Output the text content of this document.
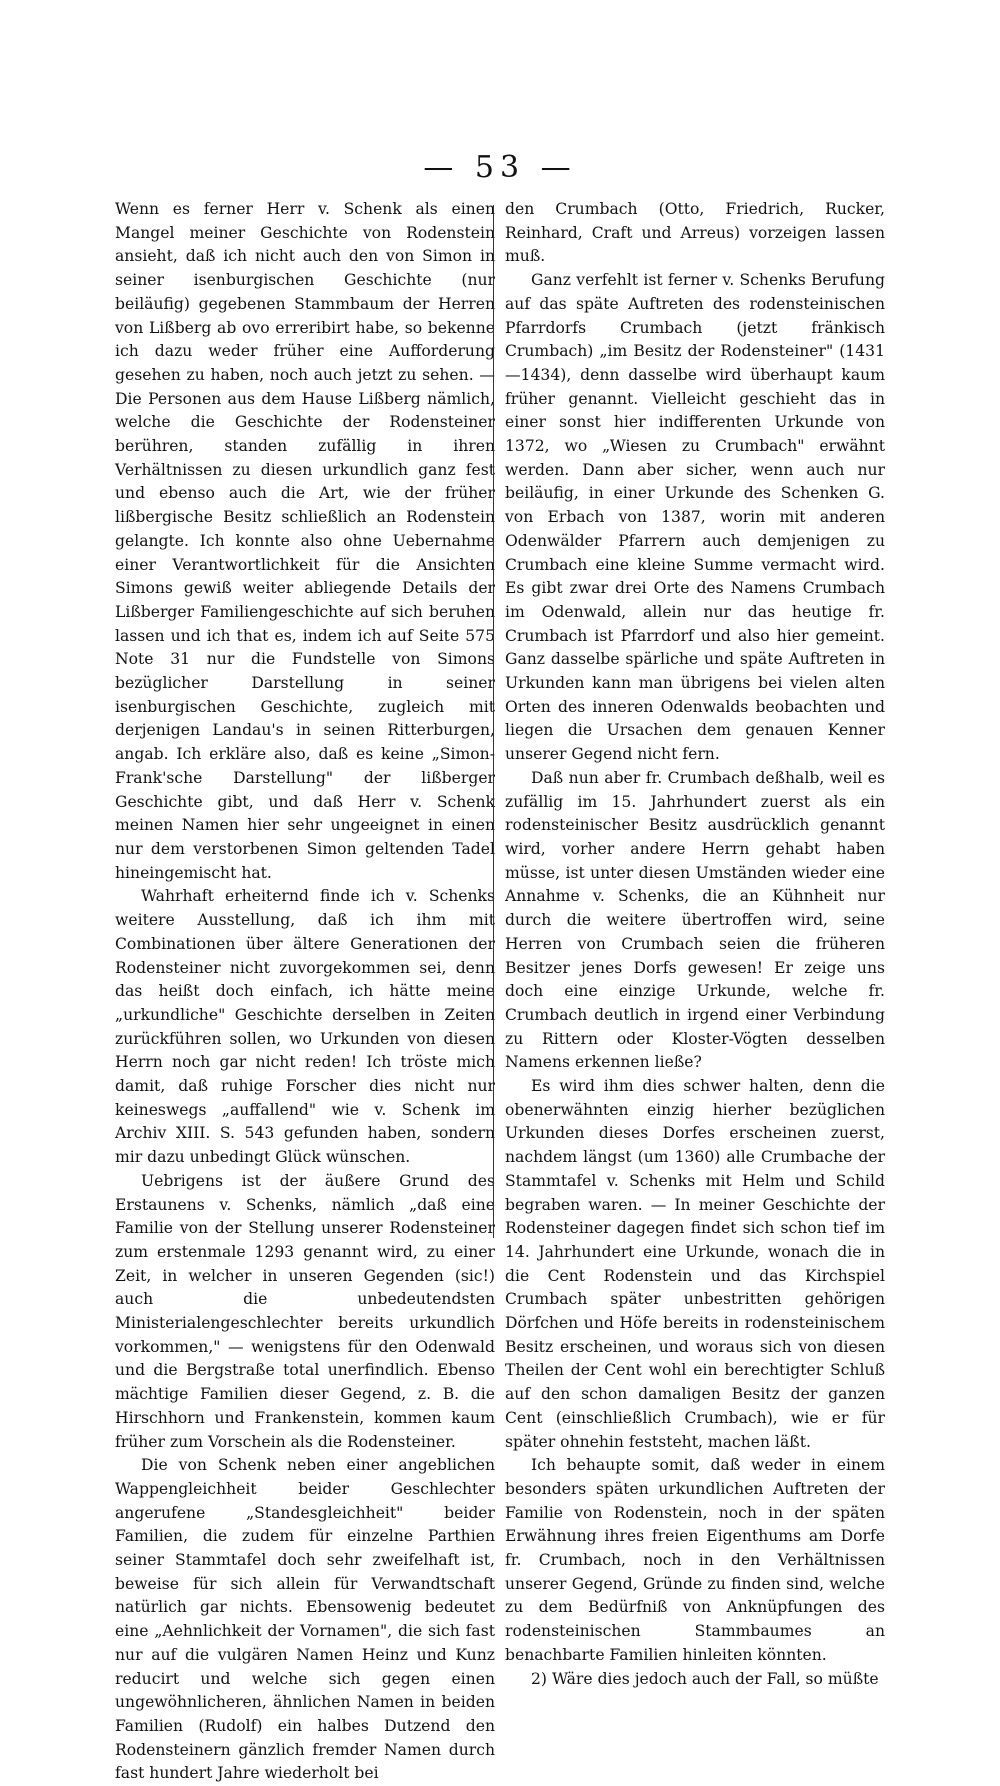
— 53 —

Wenn es ferner Herr v. Schenk als einen Mangel meiner Geschichte von Rodenstein ansieht, daß ich nicht auch den von Simon in seiner isenburgischen Geschichte (nur beiläufig) gegebenen Stammbaum der Herren von Lißberg ab ovo erreribirt habe, so bekenne ich dazu weder früher eine Aufforderung gesehen zu haben, noch auch jetzt zu sehen. — Die Personen aus dem Hause Lißberg nämlich, welche die Geschichte der Rodensteiner berühren, standen zufällig in ihren Verhältnissen zu diesen urkundlich ganz fest und ebenso auch die Art, wie der früher lißbergische Besitz schließlich an Rodenstein gelangte. Ich konnte also ohne Uebernahme einer Verantwortlichkeit für die Ansichten Simons gewiß weiter abliegende Details der Lißberger Familiengeschichte auf sich beruhen lassen und ich that es, indem ich auf Seite 575 Note 31 nur die Fundstelle von Simons bezüglicher Darstellung in seiner isenburgischen Geschichte, zugleich mit derjenigen Landau's in seinen Ritterburgen, angab. Ich erkläre also, daß es keine „Simon-Frank'sche Darstellung" der lißberger Geschichte gibt, und daß Herr v. Schenk meinen Namen hier sehr ungeeignet in einen nur dem verstorbenen Simon geltenden Tadel hineingemischt hat.

Wahrhaft erheiternd finde ich v. Schenks weitere Ausstellung, daß ich ihm mit Combinationen über ältere Generationen der Rodensteiner nicht zuvorgekommen sei, denn das heißt doch einfach, ich hätte meine „urkundliche" Geschichte derselben in Zeiten zurückführen sollen, wo Urkunden von diesen Herrn noch gar nicht reden! Ich tröste mich damit, daß ruhige Forscher dies nicht nur keineswegs „auffallend" wie v. Schenk im Archiv XIII. S. 543 gefunden haben, sondern mir dazu unbedingt Glück wünschen.

Uebrigens ist der äußere Grund des Erstaunens v. Schenks, nämlich „daß eine Familie von der Stellung unserer Rodensteiner zum erstenmale 1293 genannt wird, zu einer Zeit, in welcher in unseren Gegenden (sic!) auch die unbedeutendsten Ministerialengeschlechter bereits urkundlich vorkommen," — wenigstens für den Odenwald und die Bergstraße total unerfindlich. Ebenso mächtige Familien dieser Gegend, z. B. die Hirschhorn und Frankenstein, kommen kaum früher zum Vorschein als die Rodensteiner.

Die von Schenk neben einer angeblichen Wappengleichheit beider Geschlechter angerufene „Standesgleichheit" beider Familien, die zudem für einzelne Parthien seiner Stammtafel doch sehr zweifelhaft ist, beweise für sich allein für Verwandtschaft natürlich gar nichts. Ebensowenig bedeutet eine „Aehnlichkeit der Vornamen", die sich fast nur auf die vulgären Namen Heinz und Kunz reducirt und welche sich gegen einen ungewöhnlicheren, ähnlichen Namen in beiden Familien (Rudolf) ein halbes Dutzend den Rodensteinern gänzlich fremder Namen durch fast hundert Jahre wiederholt bei

den Crumbach (Otto, Friedrich, Rucker, Reinhard, Craft und Arreus) vorzeigen lassen muß.

Ganz verfehlt ist ferner v. Schenks Berufung auf das späte Auftreten des rodensteinischen Pfarrdorfs Crumbach (jetzt fränkisch Crumbach) „im Besitz der Rodensteiner" (1431—1434), denn dasselbe wird überhaupt kaum früher genannt. Vielleicht geschieht das in einer sonst hier indifferenten Urkunde von 1372, wo „Wiesen zu Crumbach" erwähnt werden. Dann aber sicher, wenn auch nur beiläufig, in einer Urkunde des Schenken G. von Erbach von 1387, worin mit anderen Odenwälder Pfarrern auch demjenigen zu Crumbach eine kleine Summe vermacht wird. Es gibt zwar drei Orte des Namens Crumbach im Odenwald, allein nur das heutige fr. Crumbach ist Pfarrdorf und also hier gemeint. Ganz dasselbe spärliche und späte Auftreten in Urkunden kann man übrigens bei vielen alten Orten des inneren Odenwalds beobachten und liegen die Ursachen dem genauen Kenner unserer Gegend nicht fern.

Daß nun aber fr. Crumbach deßhalb, weil es zufällig im 15. Jahrhundert zuerst als ein rodensteinischer Besitz ausdrücklich genannt wird, vorher andere Herrn gehabt haben müsse, ist unter diesen Umständen wieder eine Annahme v. Schenks, die an Kühnheit nur durch die weitere übertroffen wird, seine Herren von Crumbach seien die früheren Besitzer jenes Dorfs gewesen! Er zeige uns doch eine einzige Urkunde, welche fr. Crumbach deutlich in irgend einer Verbindung zu Rittern oder Kloster-Vögten desselben Namens erkennen ließe?

Es wird ihm dies schwer halten, denn die obenerwähnten einzig hierher bezüglichen Urkunden dieses Dorfes erscheinen zuerst, nachdem längst (um 1360) alle Crumbache der Stammtafel v. Schenks mit Helm und Schild begraben waren. — In meiner Geschichte der Rodensteiner dagegen findet sich schon tief im 14. Jahrhundert eine Urkunde, wonach die in die Cent Rodenstein und das Kirchspiel Crumbach später unbestritten gehörigen Dörfchen und Höfe bereits in rodensteinischem Besitz erscheinen, und woraus sich von diesen Theilen der Cent wohl ein berechtigter Schluß auf den schon damaligen Besitz der ganzen Cent (einschließlich Crumbach), wie er für später ohnehin feststeht, machen läßt.

Ich behaupte somit, daß weder in einem besonders späten urkundlichen Auftreten der Familie von Rodenstein, noch in der späten Erwähnung ihres freien Eigenthums am Dorfe fr. Crumbach, noch in den Verhältnissen unserer Gegend, Gründe zu finden sind, welche zu dem Bedürfniß von Anknüpfungen des rodensteinischen Stammbaumes an benachbarte Familien hinleiten könnten.

2) Wäre dies jedoch auch der Fall, so müßte
